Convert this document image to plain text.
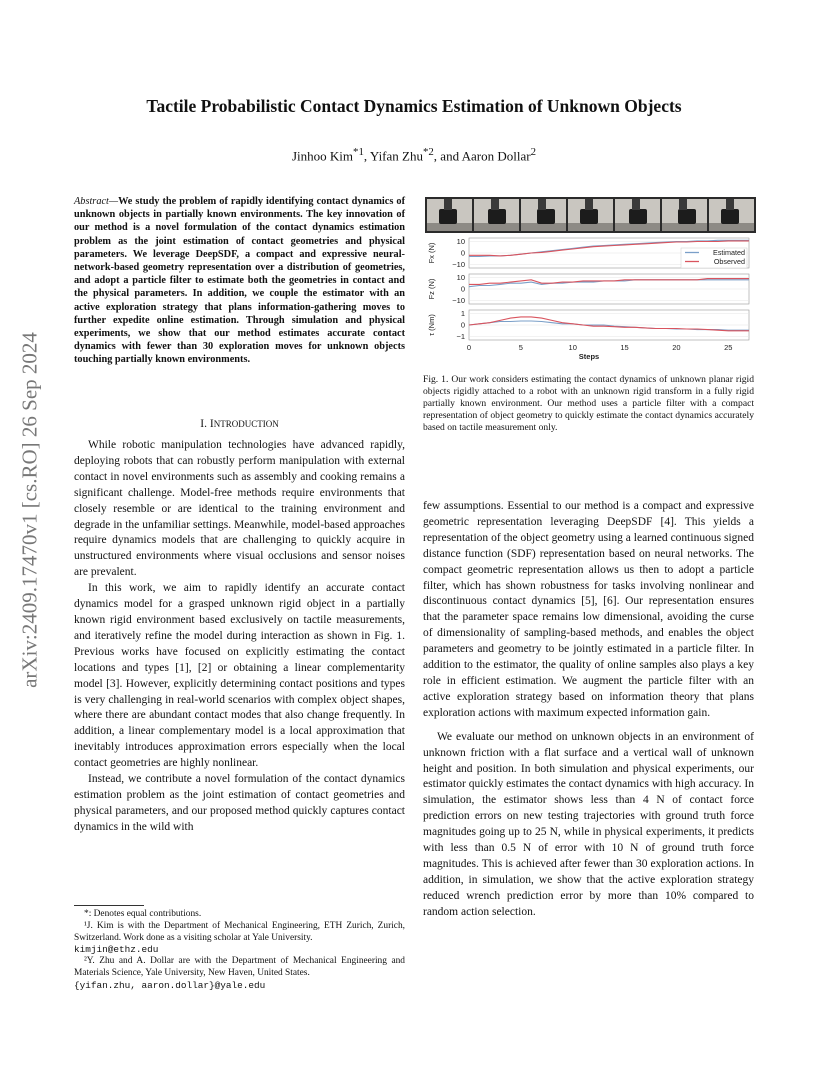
Tactile Probabilistic Contact Dynamics Estimation of Unknown Objects
Jinhoo Kim$^{*1}$, Yifan Zhu$^{*2}$, and Aaron Dollar$^2$
arXiv:2409.17470v1 [cs.RO] 26 Sep 2024
Abstract—We study the problem of rapidly identifying contact dynamics of unknown objects in partially known environments. The key innovation of our method is a novel formulation of the contact dynamics estimation problem as the joint estimation of contact geometries and physical parameters. We leverage DeepSDF, a compact and expressive neural-network-based geometry representation over a distribution of geometries, and adopt a particle filter to estimate both the geometries in contact and the physical parameters. In addition, we couple the estimator with an active exploration strategy that plans information-gathering moves to further expedite online estimation. Through simulation and physical experiments, we show that our method estimates accurate contact dynamics with fewer than 30 exploration moves for unknown objects touching partially known environments.
I. INTRODUCTION

While robotic manipulation technologies have advanced rapidly, deploying robots that can robustly perform manipulation with external contact in novel environments such as assembly and cooking remains a significant challenge. Model-free methods require environments that closely resemble or are identical to the training environment and degrade in the unfamiliar settings. Meanwhile, model-based approaches require dynamics models that are challenging to quickly acquire in unstructured environments where visual occlusions and sensor noises are prevalent.

In this work, we aim to rapidly identify an accurate contact dynamics model for a grasped unknown rigid object in a partially known rigid environment based exclusively on tactile measurements, and iteratively refine the model during interaction as shown in Fig. 1. Previous works have focused on explicitly estimating the contact locations and types [1], [2] or obtaining a linear complementarity model [3]. However, explicitly determining contact positions and types is very challenging in real-world scenarios with complex object shapes, where there are abundant contact modes that also change frequently. In addition, a linear complementary model is a local approximation that inevitably introduces approximation errors especially when the local contact geometries are highly nonlinear.

Instead, we contribute a novel formulation of the contact dynamics estimation problem as the joint estimation of contact geometries and physical parameters, and our proposed method quickly captures contact dynamics in the wild with

*: Denotes equal contributions.
¹J. Kim is with the Department of Mechanical Engineering, ETH Zurich, Zurich, Switzerland. Work done as a visiting scholar at Yale University.
kimjin@ethz.edu
²Y. Zhu and A. Dollar are with the Department of Mechanical Engineering and Materials Science, Yale University, New Haven, United States.
{yifan.zhu, aaron.dollar}@yale.edu
10
0
−10
Fx (N)
10
0
−10
Fz (N)
1
0
−1
τ (Nm)
0	5	10	15	20	25
Steps
Estimated
Observed
Fig. 1. Our work considers estimating the contact dynamics of unknown planar rigid objects rigidly attached to a robot with an unknown rigid transform in a fully rigid partially known environment. Our method uses a particle filter with a compact representation of object geometry to quickly estimate the contact dynamics accurately based on tactile measurement only.

few assumptions. Essential to our method is a compact and expressive geometric representation leveraging DeepSDF [4]. This yields a representation of the object geometry using a learned continuous signed distance function (SDF) representation based on neural networks. The compact geometric representation allows us then to adopt a particle filter, which has shown robustness for tasks involving nonlinear and discontinuous contact dynamics [5], [6]. Our representation ensures that the parameter space remains low dimensional, avoiding the curse of dimensionality of sampling-based methods, and enables the object parameters and geometry to be jointly estimated in a particle filter. In addition to the estimator, the quality of online samples also plays a key role in efficient estimation. We augment the particle filter with an active exploration strategy based on information theory that plans exploration actions with maximum expected information gain.

We evaluate our method on unknown objects in an environment of unknown friction with a flat surface and a vertical wall of unknown height and position. In both simulation and physical experiments, our estimator quickly estimates the contact dynamics with high accuracy. In simulation, the estimator shows less than 4 N of contact force prediction errors on new testing trajectories with ground truth force magnitudes going up to 25 N, while in physical experiments, it predicts with less than 0.5 N of error with 10 N of ground truth force magnitudes. This is achieved after fewer than 30 exploration actions. In addition, in simulation, we show that the active exploration strategy reduced wrench prediction error by more than 10% compared to random action selection.
